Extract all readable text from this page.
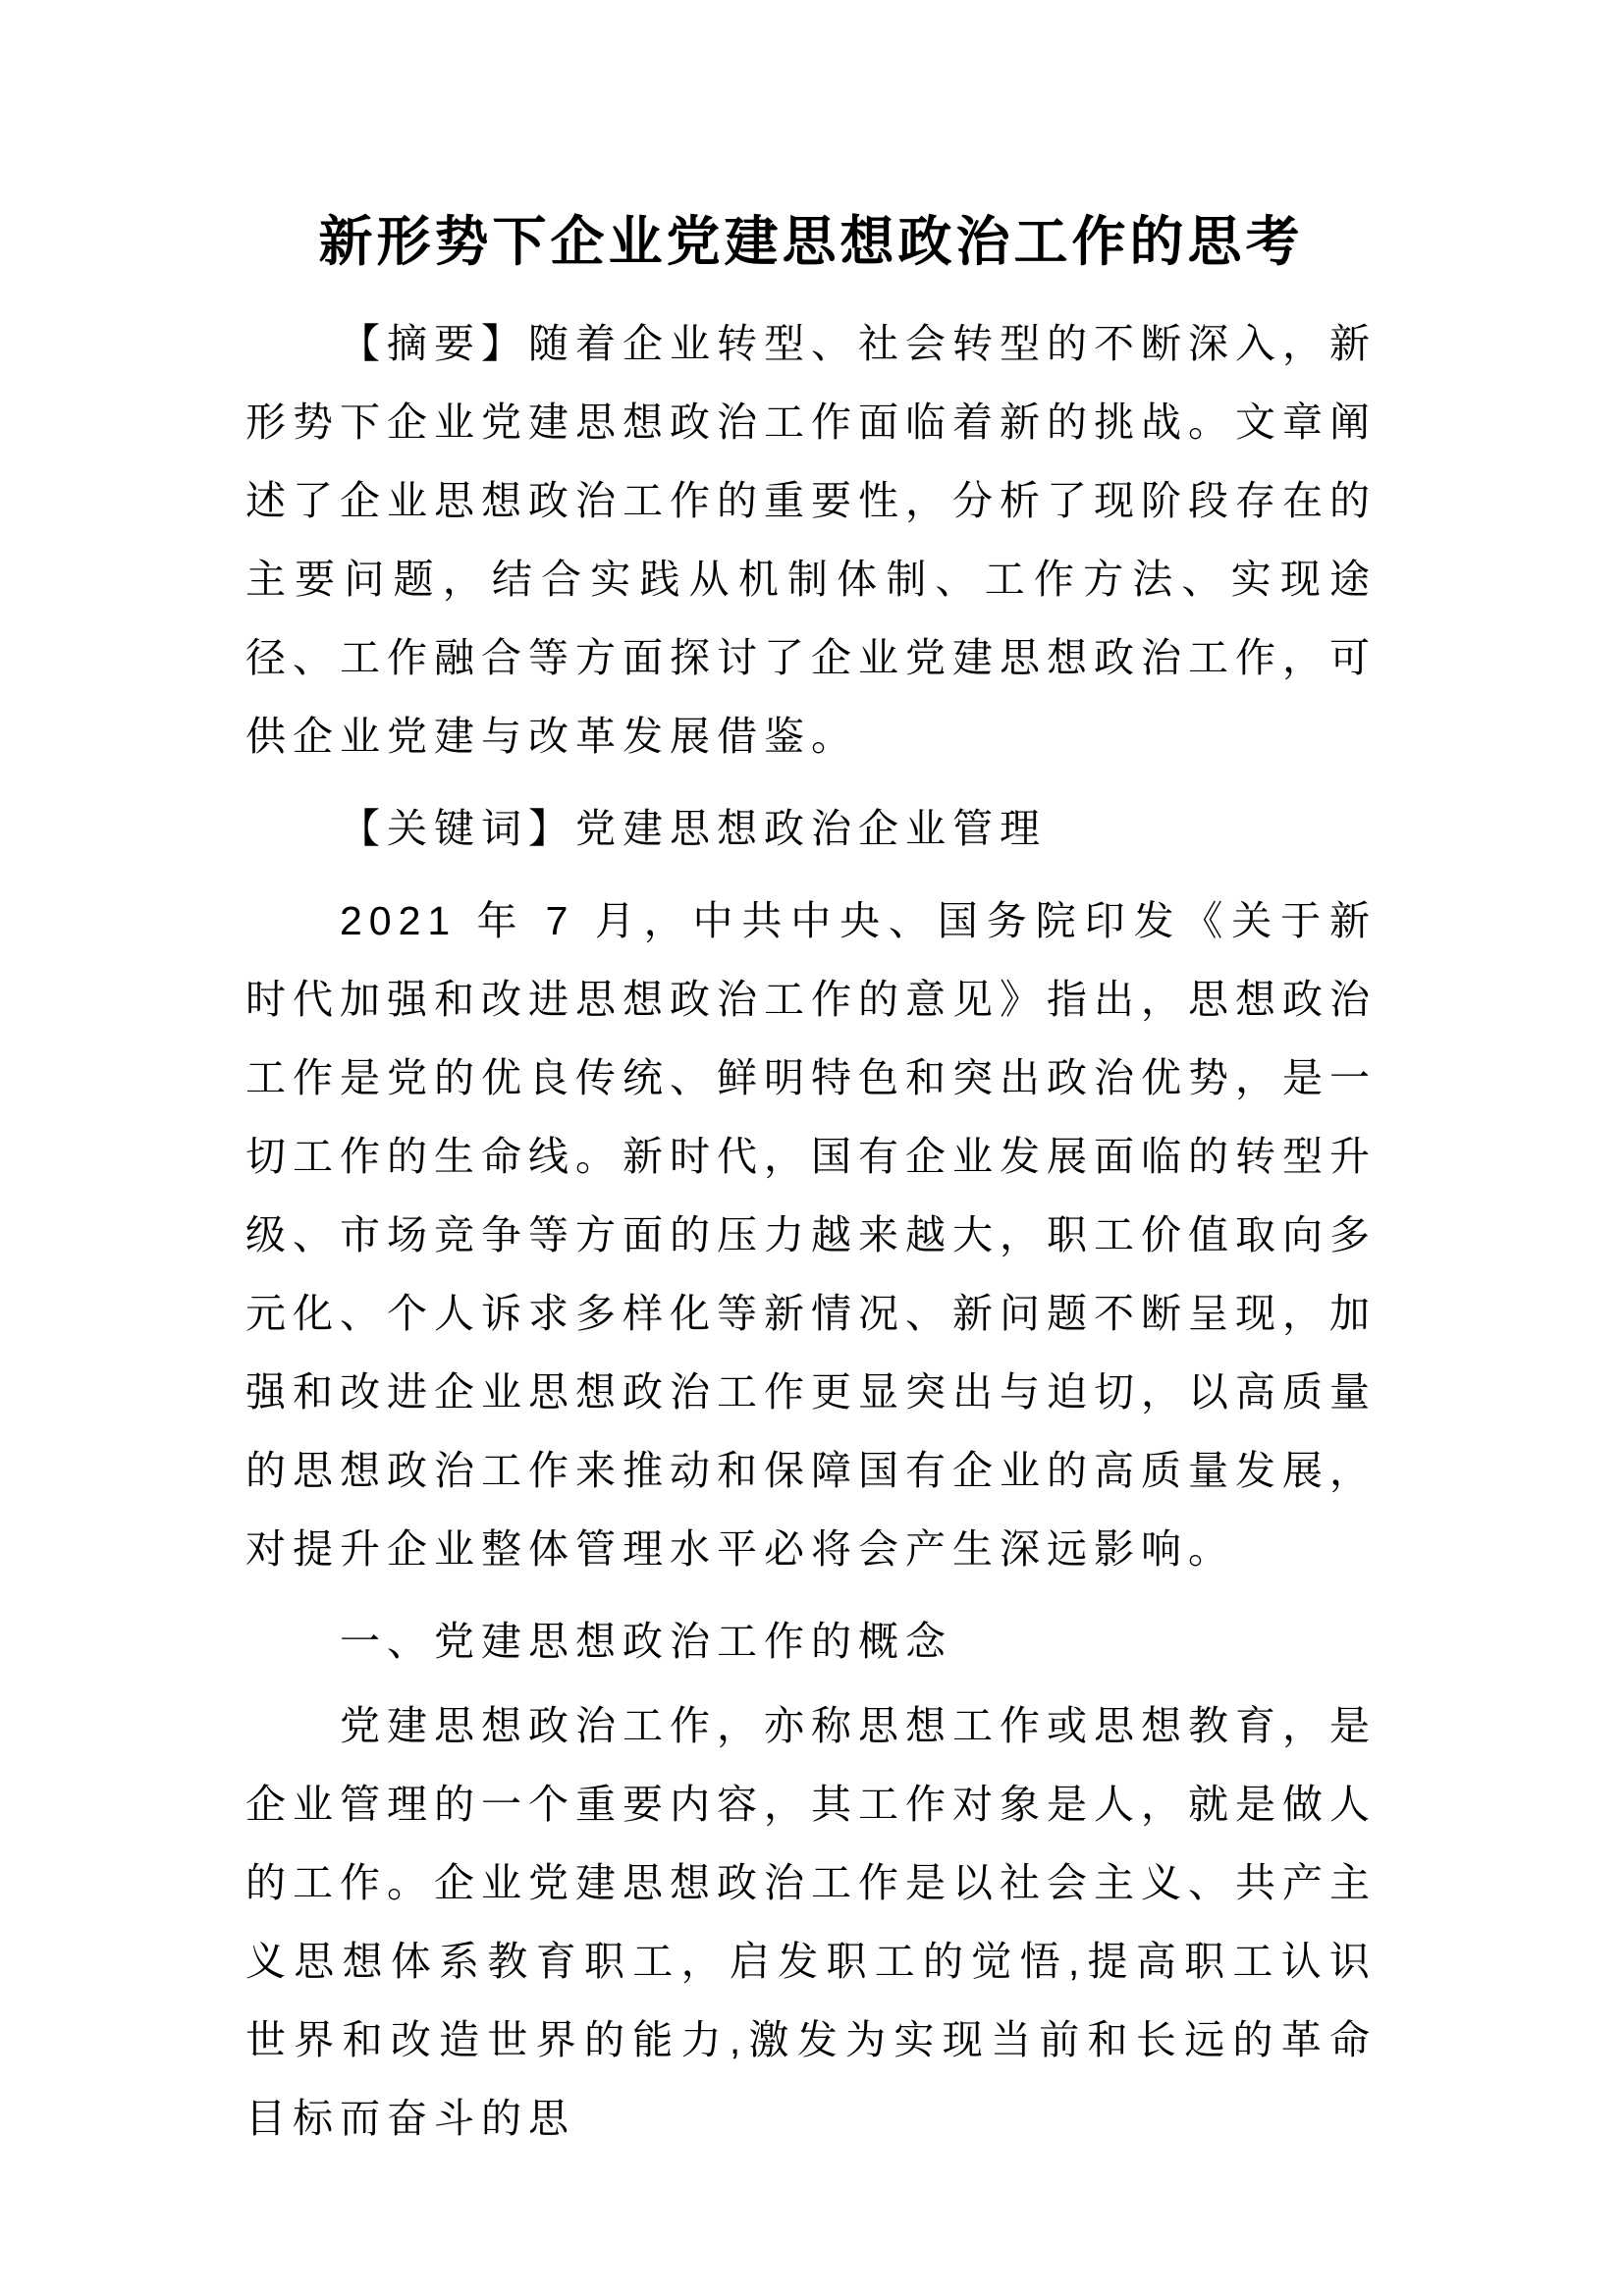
新形势下企业党建思想政治工作的思考

【摘要】随着企业转型、社会转型的不断深入，新形势下企业党建思想政治工作面临着新的挑战。文章阐述了企业思想政治工作的重要性，分析了现阶段存在的主要问题，结合实践从机制体制、工作方法、实现途径、工作融合等方面探讨了企业党建思想政治工作，可供企业党建与改革发展借鉴。

【关键词】党建思想政治企业管理

2021 年 7 月，中共中央、国务院印发《关于新时代加强和改进思想政治工作的意见》指出，思想政治工作是党的优良传统、鲜明特色和突出政治优势，是一切工作的生命线。新时代，国有企业发展面临的转型升级、市场竞争等方面的压力越来越大，职工价值取向多元化、个人诉求多样化等新情况、新问题不断呈现，加强和改进企业思想政治工作更显突出与迫切，以高质量的思想政治工作来推动和保障国有企业的高质量发展，对提升企业整体管理水平必将会产生深远影响。

一、党建思想政治工作的概念

党建思想政治工作，亦称思想工作或思想教育，是企业管理的一个重要内容，其工作对象是人，就是做人的工作。企业党建思想政治工作是以社会主义、共产主义思想体系教育职工，启发职工的觉悟,提高职工认识世界和改造世界的能力,激发为实现当前和长远的革命目标而奋斗的思
